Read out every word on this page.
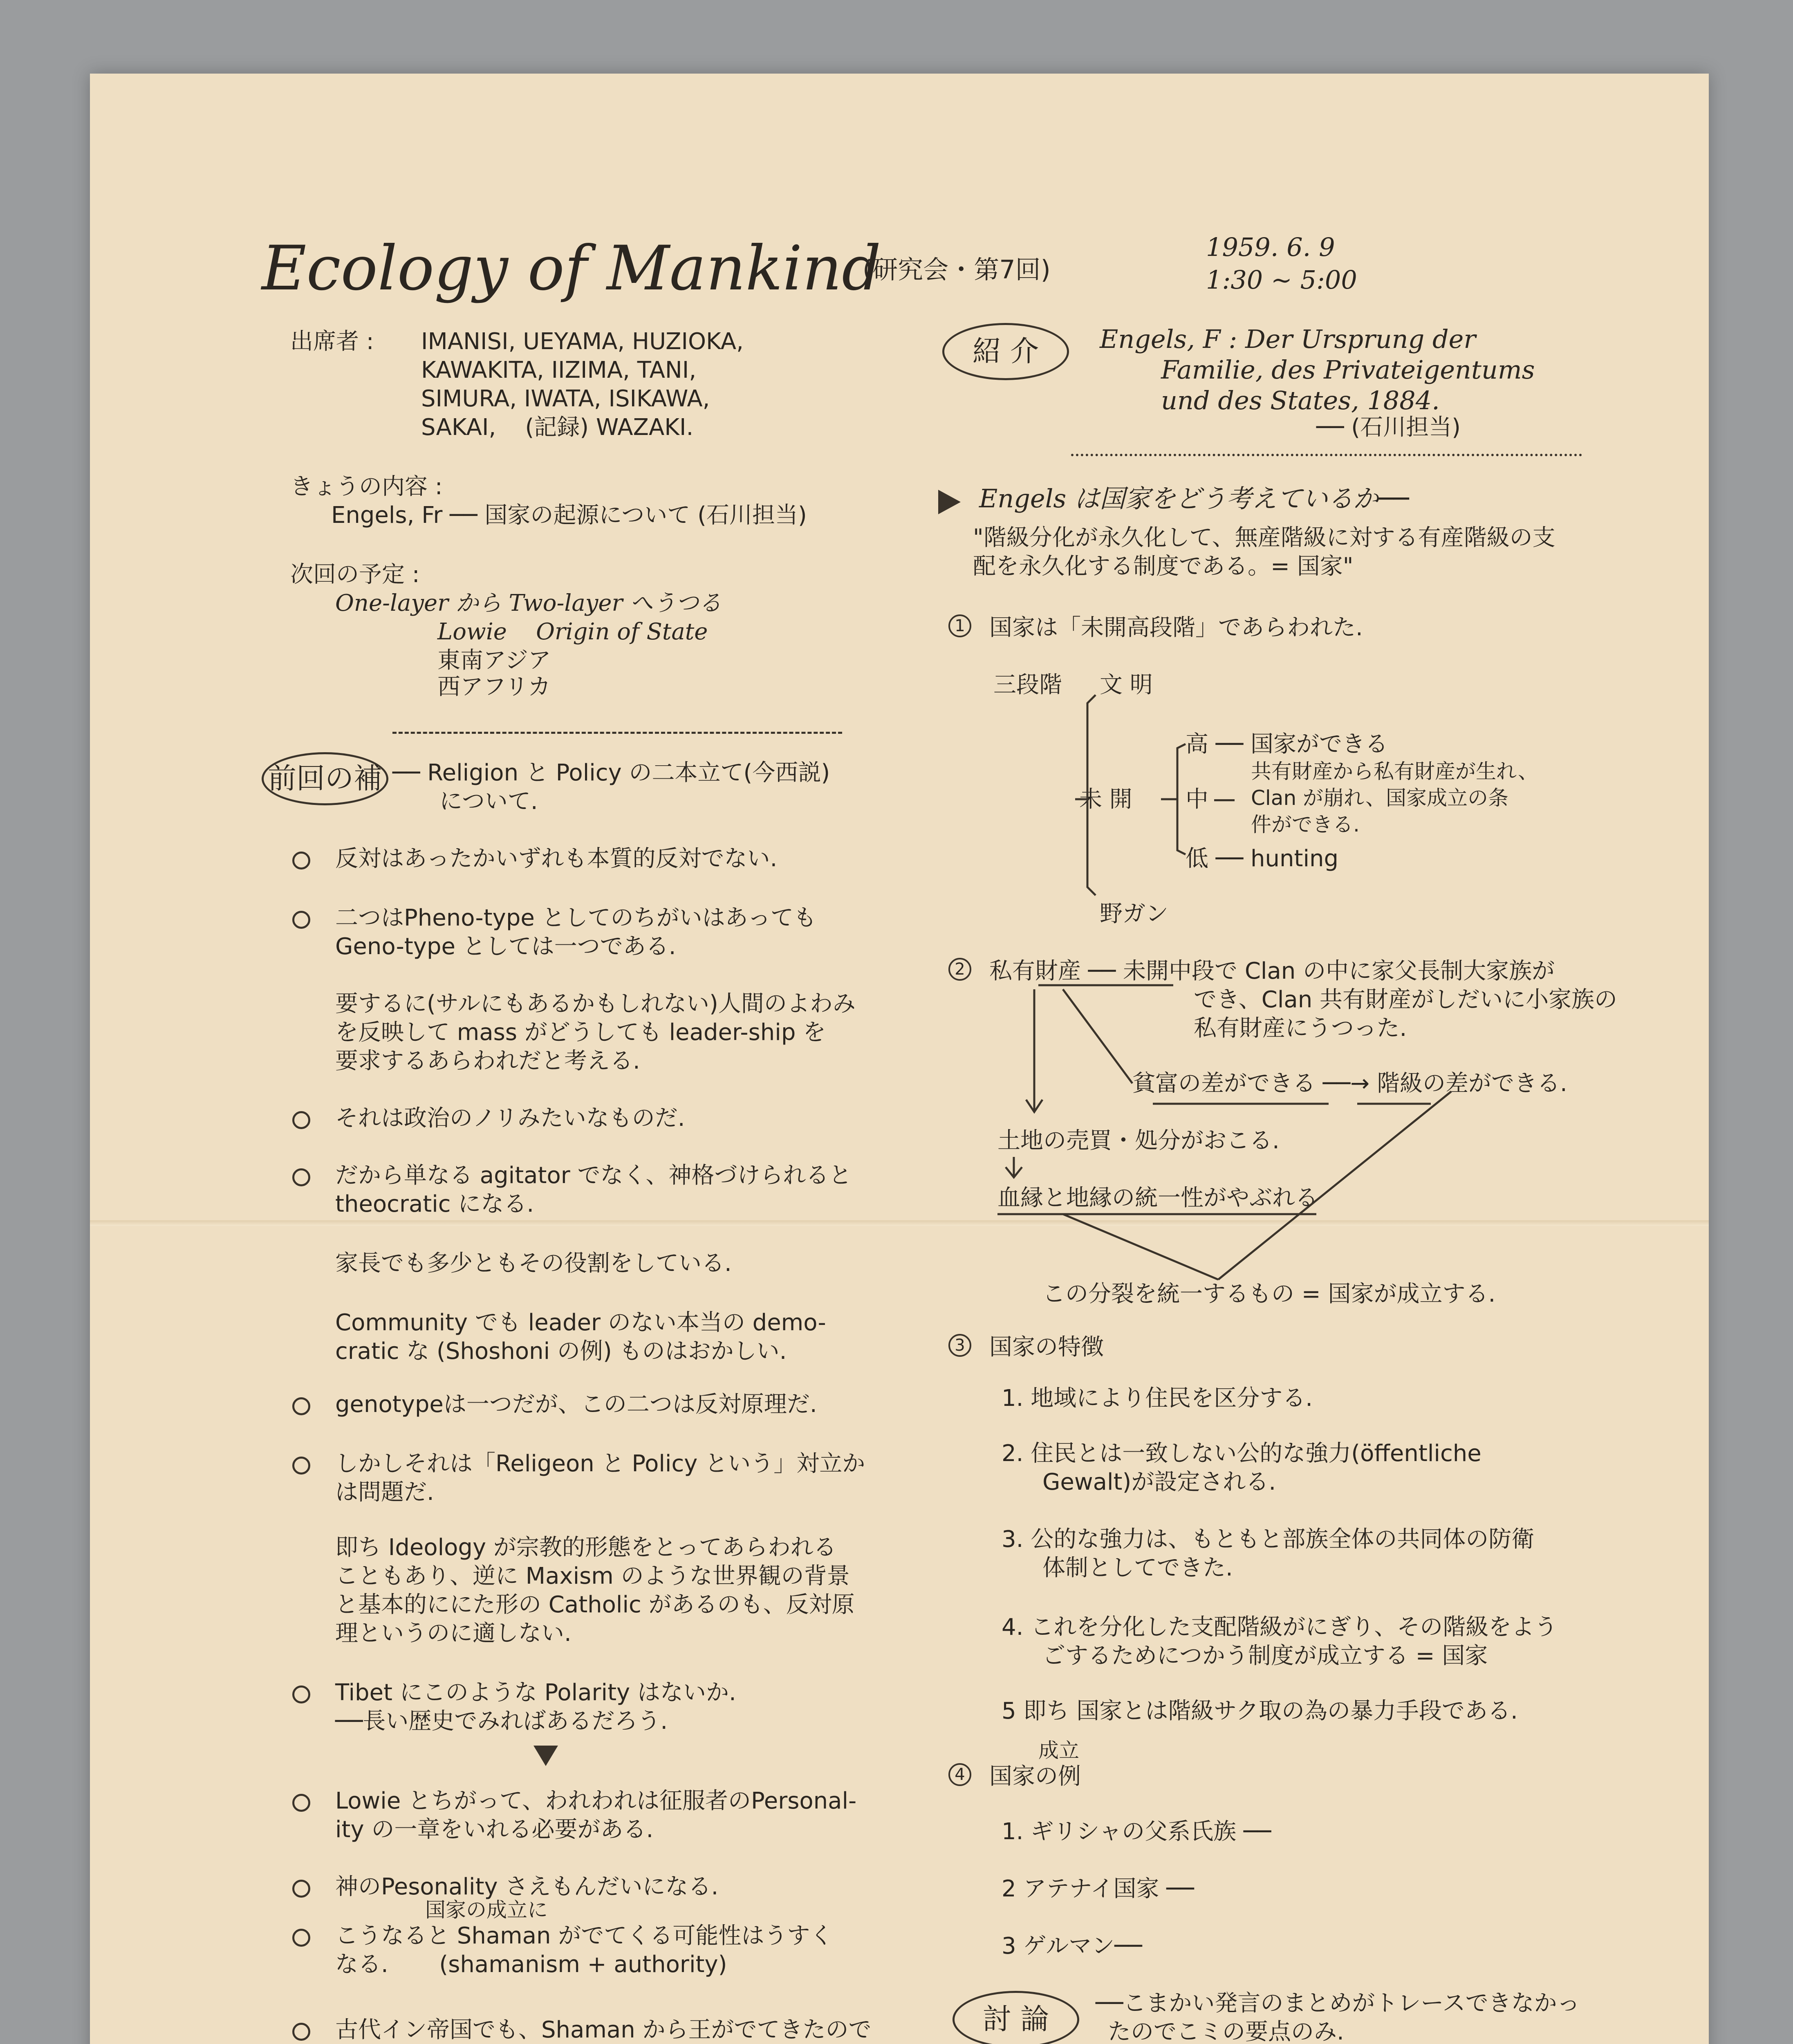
Ecology of Mankind
(研究会・第7回)
1959. 6. 9
1:30 ~ 5:00
出席者 : IMANISI, UEYAMA, HUZIOKA,
KAWAKITA, IIZIMA, TANI,
SIMURA, IWATA, ISIKAWA,
SAKAI,    (記録) WAZAKI.
きょうの内容 :
Engels, Fr ── 国家の起源について (石川担当)
次回の予定 :
One-layer から Two-layer へうつる
Lowie    Origin of State
東南アジア
西アフリカ
前回の補 ── Religion と Policy の二本立て(今西説)
について.
反対はあったかいずれも本質的反対でない.
二つはPheno-type としてのちがいはあっても
Geno-type としては一つである.
要するに(サルにもあるかもしれない)人間のよわみ
を反映して mass がどうしても leader-ship を
要求するあらわれだと考える.
それは政治のノリみたいなものだ.
だから単なる agitator でなく、神格づけられると
theocratic になる.
家長でも多少ともその役割をしている.
Community でも leader のない本当の demo-
cratic な (Shoshoni の例) ものはおかしい.
genotypeは一つだが、この二つは反対原理だ.
しかしそれは「Religeon と Policy という」対立か
は問題だ.
即ち Ideology が宗教的形態をとってあらわれる
こともあり、逆に Maxism のような世界観の背景
と基本的ににた形の Catholic があるのも、反対原
理というのに適しない.
Tibet にこのような Polarity はないか.
──長い歴史でみればあるだろう.
Lowie とちがって、われわれは征服者のPersonal-
ity の一章をいれる必要がある.
神のPesonality さえもんだいになる.
国家の成立に
こうなると Shaman がでてくる可能性はうすく
なる.       (shamanism + authority)
古代イン帝国でも、Shaman から王がでてきたので
紹 介	Engels, F : Der Ursprung der
Familie, des Privateigentums
und des States, 1884.
── (石川担当)
Engels は国家をどう考えているか──
"階級分化が永久化して、無産階級に対する有産階級の支
配を永久化する制度である。= 国家"
1 国家は「未開高段階」であらわれた.
三段階 文 明
未 開
野ガン
高 ── 国家ができる
中
共有財産から私有財産が生れ、
Clan が崩れ、国家成立の条
件ができる.
低 ── hunting
2 私有財産 ── 未開中段で Clan の中に家父長制大家族が
でき、Clan 共有財産がしだいに小家族の
私有財産にうつった.
貧富の差ができる ──→ 階級の差ができる.
土地の売買・処分がおこる.
血縁と地縁の統一性がやぶれる
この分裂を統一するもの = 国家が成立する.
3 国家の特徴
1. 地域により住民を区分する.
2. 住民とは一致しない公的な強力(öffentliche
Gewalt)が設定される.
3. 公的な強力は、もともと部族全体の共同体の防衛
体制としてできた.
4. これを分化した支配階級がにぎり、その階級をよう
ごするためにつかう制度が成立する = 国家
5 即ち 国家とは階級サク取の為の暴力手段である.
4
成立
国家の例
1. ギリシャの父系氏族 ──
2 アテナイ国家 ──
3 ゲルマン──
討 論	──こまかい発言のまとめがトレースできなかっ
たのでこミの要点のみ.
